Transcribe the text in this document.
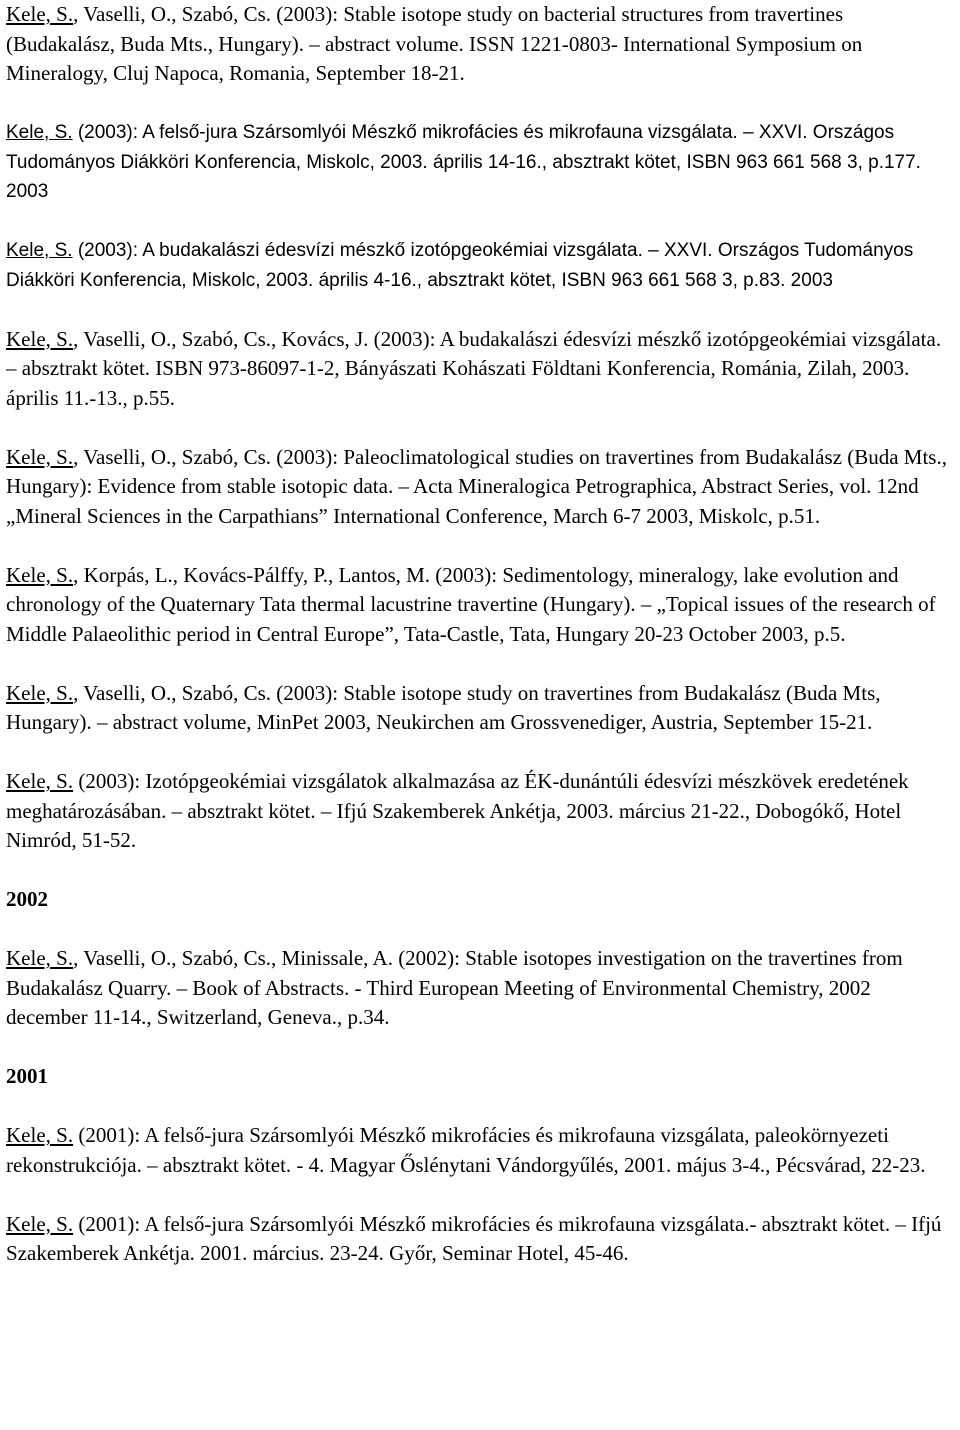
Kele, S., Vaselli, O., Szabó, Cs. (2003): Stable isotope study on bacterial structures from travertines (Budakalász, Buda Mts., Hungary). – abstract volume. ISSN 1221-0803- International Symposium on Mineralogy, Cluj Napoca, Romania, September 18-21.

Kele, S. (2003): A felső-jura Szársomlyói Mészkő mikrofácies és mikrofauna vizsgálata. – XXVI. Országos Tudományos Diákköri Konferencia, Miskolc, 2003. április 14-16., absztrakt kötet, ISBN 963 661 568 3, p.177. 2003

Kele, S. (2003): A budakalászi édesvízi mészkő izotópgeokémiai vizsgálata. – XXVI. Országos Tudományos Diákköri Konferencia, Miskolc, 2003. április 4-16., absztrakt kötet, ISBN 963 661 568 3, p.83. 2003

Kele, S., Vaselli, O., Szabó, Cs., Kovács, J. (2003): A budakalászi édesvízi mészkő izotópgeokémiai vizsgálata. – absztrakt kötet. ISBN 973-86097-1-2, Bányászati Kohászati Földtani Konferencia, Románia, Zilah, 2003. április 11.-13., p.55.

Kele, S., Vaselli, O., Szabó, Cs. (2003): Paleoclimatological studies on travertines from Budakalász (Buda Mts., Hungary): Evidence from stable isotopic data. – Acta Mineralogica Petrographica, Abstract Series, vol. 12nd „Mineral Sciences in the Carpathians” International Conference, March 6-7 2003, Miskolc, p.51.

Kele, S., Korpás, L., Kovács-Pálffy, P., Lantos, M. (2003): Sedimentology, mineralogy, lake evolution and chronology of the Quaternary Tata thermal lacustrine travertine (Hungary). – „Topical issues of the research of Middle Palaeolithic period in Central Europe”, Tata-Castle, Tata, Hungary 20-23 October 2003, p.5.

Kele, S., Vaselli, O., Szabó, Cs. (2003): Stable isotope study on travertines from Budakalász (Buda Mts, Hungary). – abstract volume, MinPet 2003, Neukirchen am Grossvenediger, Austria, September 15-21.

Kele, S. (2003): Izotópgeokémiai vizsgálatok alkalmazása az ÉK-dunántúli édesvízi mészkövek eredetének meghatározásában. – absztrakt kötet. – Ifjú Szakemberek Ankétja, 2003. március 21-22., Dobogókő, Hotel Nimród, 51-52.

2002

Kele, S., Vaselli, O., Szabó, Cs., Minissale, A. (2002): Stable isotopes investigation on the travertines from Budakalász Quarry. – Book of Abstracts. - Third European Meeting of Environmental Chemistry, 2002 december 11-14., Switzerland, Geneva., p.34.

2001

Kele, S. (2001): A felső-jura Szársomlyói Mészkő mikrofácies és mikrofauna vizsgálata, paleokörnyezeti rekonstrukciója. – absztrakt kötet. - 4. Magyar Őslénytani Vándorgyűlés, 2001. május 3-4., Pécsvárad, 22-23.

Kele, S. (2001): A felső-jura Szársomlyói Mészkő mikrofácies és mikrofauna vizsgálata.- absztrakt kötet. – Ifjú Szakemberek Ankétja. 2001. március. 23-24. Győr, Seminar Hotel, 45-46.
